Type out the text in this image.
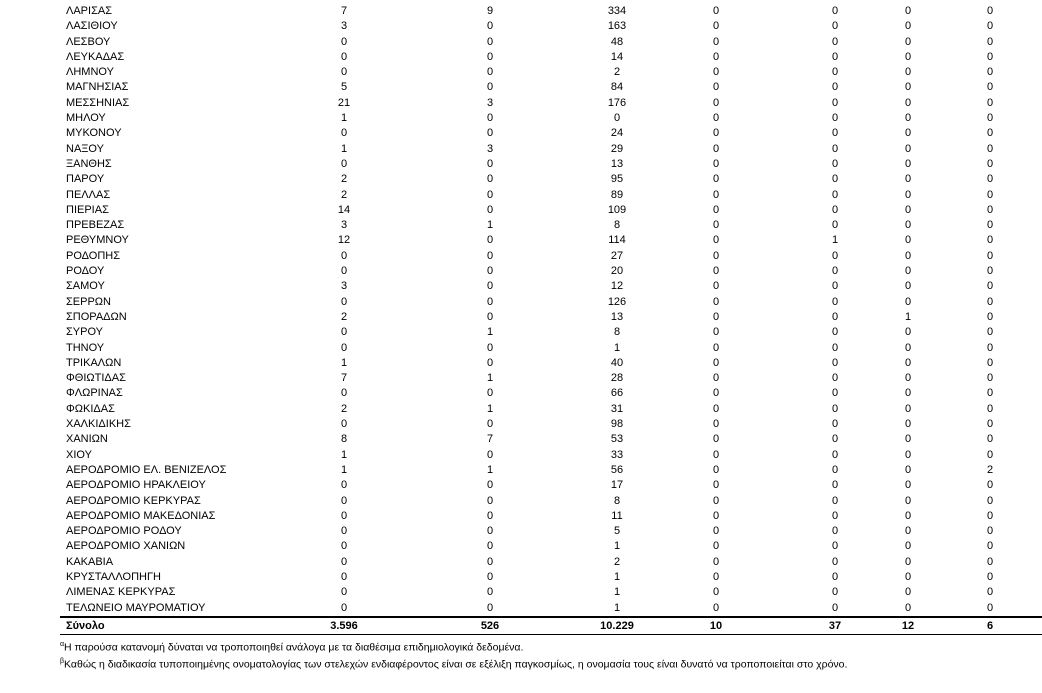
ΛΑΡΙΣΑΣ	7	9	334	0	0	0	0
ΛΑΣΙΘΙΟΥ	3	0	163	0	0	0	0
ΛΕΣΒΟΥ	0	0	48	0	0	0	0
ΛΕΥΚΑΔΑΣ	0	0	14	0	0	0	0
ΛΗΜΝΟΥ	0	0	2	0	0	0	0
ΜΑΓΝΗΣΙΑΣ	5	0	84	0	0	0	0
ΜΕΣΣΗΝΙΑΣ	21	3	176	0	0	0	0
ΜΗΛΟΥ	1	0	0	0	0	0	0
ΜΥΚΟΝΟΥ	0	0	24	0	0	0	0
ΝΑΞΟΥ	1	3	29	0	0	0	0
ΞΑΝΘΗΣ	0	0	13	0	0	0	0
ΠΑΡΟΥ	2	0	95	0	0	0	0
ΠΕΛΛΑΣ	2	0	89	0	0	0	0
ΠΙΕΡΙΑΣ	14	0	109	0	0	0	0
ΠΡΕΒΕΖΑΣ	3	1	8	0	0	0	0
ΡΕΘΥΜΝΟΥ	12	0	114	0	1	0	0
ΡΟΔΟΠΗΣ	0	0	27	0	0	0	0
ΡΟΔΟΥ	0	0	20	0	0	0	0
ΣΑΜΟΥ	3	0	12	0	0	0	0
ΣΕΡΡΩΝ	0	0	126	0	0	0	0
ΣΠΟΡΑΔΩΝ	2	0	13	0	0	1	0
ΣΥΡΟΥ	0	1	8	0	0	0	0
ΤΗΝΟΥ	0	0	1	0	0	0	0
ΤΡΙΚΑΛΩΝ	1	0	40	0	0	0	0
ΦΘΙΩΤΙΔΑΣ	7	1	28	0	0	0	0
ΦΛΩΡΙΝΑΣ	0	0	66	0	0	0	0
ΦΩΚΙΔΑΣ	2	1	31	0	0	0	0
ΧΑΛΚΙΔΙΚΗΣ	0	0	98	0	0	0	0
ΧΑΝΙΩΝ	8	7	53	0	0	0	0
ΧΙΟΥ	1	0	33	0	0	0	0
ΑΕΡΟΔΡΟΜΙΟ ΕΛ. ΒΕΝΙΖΕΛΟΣ	1	1	56	0	0	0	2
ΑΕΡΟΔΡΟΜΙΟ ΗΡΑΚΛΕΙΟΥ	0	0	17	0	0	0	0
ΑΕΡΟΔΡΟΜΙΟ ΚΕΡΚΥΡΑΣ	0	0	8	0	0	0	0
ΑΕΡΟΔΡΟΜΙΟ ΜΑΚΕΔΟΝΙΑΣ	0	0	11	0	0	0	0
ΑΕΡΟΔΡΟΜΙΟ ΡΟΔΟΥ	0	0	5	0	0	0	0
ΑΕΡΟΔΡΟΜΙΟ ΧΑΝΙΩΝ	0	0	1	0	0	0	0
ΚΑΚΑΒΙΑ	0	0	2	0	0	0	0
ΚΡΥΣΤΑΛΛΟΠΗΓΗ	0	0	1	0	0	0	0
ΛΙΜΕΝΑΣ ΚΕΡΚΥΡΑΣ	0	0	1	0	0	0	0
ΤΕΛΩΝΕΙΟ ΜΑΥΡΟΜΑΤΙΟΥ	0	0	1	0	0	0	0
Σύνολο	3.596	526	10.229	10	37	12	6
$^\alpha$Η παρούσα κατανομή δύναται να τροποποιηθεί ανάλογα με τα διαθέσιμα επιδημιολογικά δεδομένα.
$^\beta$Καθώς η διαδικασία τυποποιημένης ονοματολογίας των στελεχών ενδιαφέροντος είναι σε εξέλιξη παγκοσμίως, η ονομασία τους είναι δυνατό να τροποποιείται στο χρόνο.
